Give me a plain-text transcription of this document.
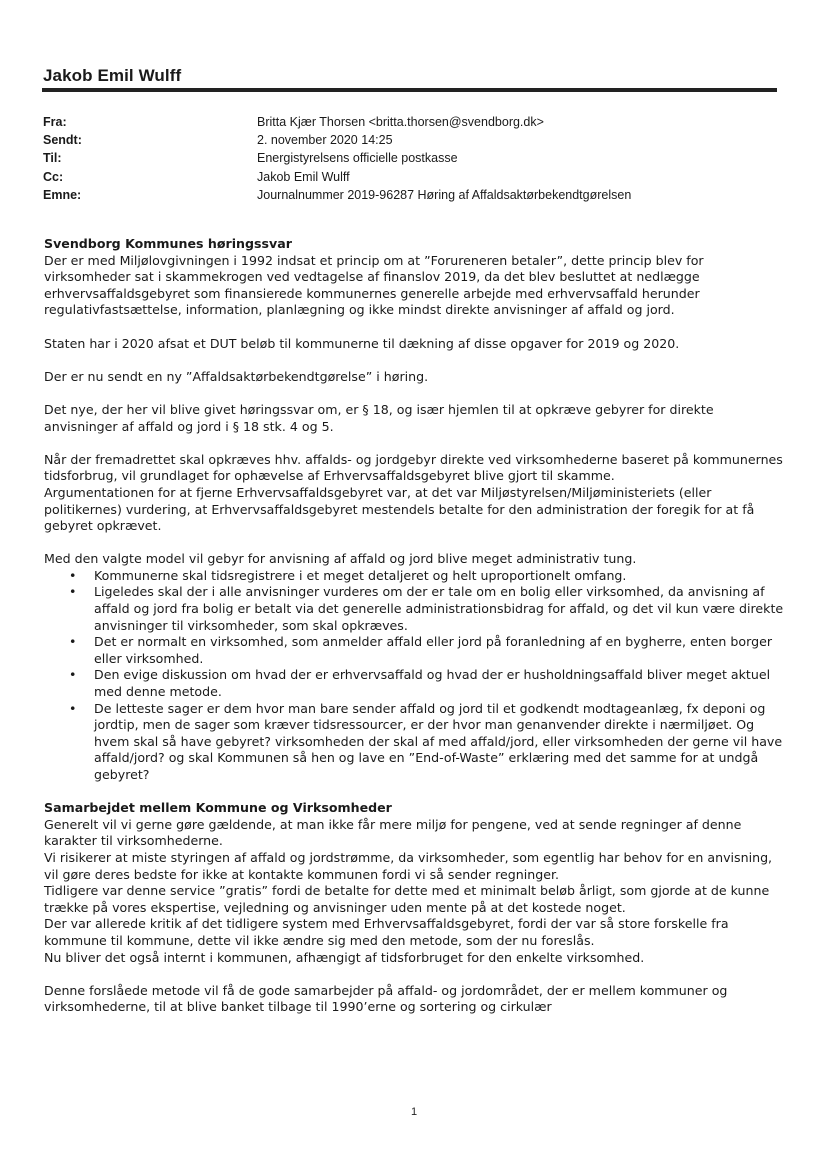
Jakob Emil Wulff
Fra:	Britta Kjær Thorsen <britta.thorsen@svendborg.dk>
Sendt:	2. november 2020 14:25
Til:	Energistyrelsens officielle postkasse
Cc:	Jakob Emil Wulff
Emne:	Journalnummer 2019-96287 Høring af Affaldsaktørbekendtgørelsen

Svendborg Kommunes høringssvar

Der er med Miljølovgivningen i 1992 indsat et princip om at ”Forureneren betaler”, dette princip blev for virksomheder sat i skammekrogen ved vedtagelse af finanslov 2019, da det blev besluttet at nedlægge erhvervsaffaldsgebyret som finansierede kommunernes generelle arbejde med erhvervsaffald herunder regulativfastsættelse, information, planlægning og ikke mindst direkte anvisninger af affald og jord.

Staten har i 2020 afsat et DUT beløb til kommunerne til dækning af disse opgaver for 2019 og 2020.

Der er nu sendt en ny ”Affaldsaktørbekendtgørelse” i høring.

Det nye, der her vil blive givet høringssvar om, er § 18, og især hjemlen til at opkræve gebyrer for direkte anvisninger af affald og jord i § 18 stk. 4 og 5.

Når der fremadrettet skal opkræves hhv. affalds- og jordgebyr direkte ved virksomhederne baseret på kommunernes tidsforbrug, vil grundlaget for ophævelse af Erhvervsaffaldsgebyret blive gjort til skamme.

Argumentationen for at fjerne Erhvervsaffaldsgebyret var, at det var Miljøstyrelsen/Miljøministeriets (eller politikernes) vurdering, at Erhvervsaffaldsgebyret mestendels betalte for den administration der foregik for at få gebyret opkrævet.

Med den valgte model vil gebyr for anvisning af affald og jord blive meget administrativ tung.

• Kommunerne skal tidsregistrere i et meget detaljeret og helt uproportionelt omfang.
• Ligeledes skal der i alle anvisninger vurderes om der er tale om en bolig eller virksomhed, da anvisning af affald og jord fra bolig er betalt via det generelle administrationsbidrag for affald, og det vil kun være direkte anvisninger til virksomheder, som skal opkræves.
• Det er normalt en virksomhed, som anmelder affald eller jord på foranledning af en bygherre, enten borger eller virksomhed.
• Den evige diskussion om hvad der er erhvervsaffald og hvad der er husholdningsaffald bliver meget aktuel med denne metode.
• De letteste sager er dem hvor man bare sender affald og jord til et godkendt modtageanlæg, fx deponi og jordtip, men de sager som kræver tidsressourcer, er der hvor man genanvender direkte i nærmiljøet. Og hvem skal så have gebyret? virksomheden der skal af med affald/jord, eller virksomheden der gerne vil have affald/jord? og skal Kommunen så hen og lave en ”End-of-Waste” erklæring med det samme for at undgå gebyret?

Samarbejdet mellem Kommune og Virksomheder

Generelt vil vi gerne gøre gældende, at man ikke får mere miljø for pengene, ved at sende regninger af denne karakter til virksomhederne.

Vi risikerer at miste styringen af affald og jordstrømme, da virksomheder, som egentlig har behov for en anvisning, vil gøre deres bedste for ikke at kontakte kommunen fordi vi så sender regninger.

Tidligere var denne service ”gratis” fordi de betalte for dette med et minimalt beløb årligt, som gjorde at de kunne trække på vores ekspertise, vejledning og anvisninger uden mente på at det kostede noget.

Der var allerede kritik af det tidligere system med Erhvervsaffaldsgebyret, fordi der var så store forskelle fra kommune til kommune, dette vil ikke ændre sig med den metode, som der nu foreslås.

Nu bliver det også internt i kommunen, afhængigt af tidsforbruget for den enkelte virksomhed.

Denne forslåede metode vil få de gode samarbejder på affald- og jordområdet, der er mellem kommuner og virksomhederne, til at blive banket tilbage til 1990’erne og sortering og cirkulær

1
